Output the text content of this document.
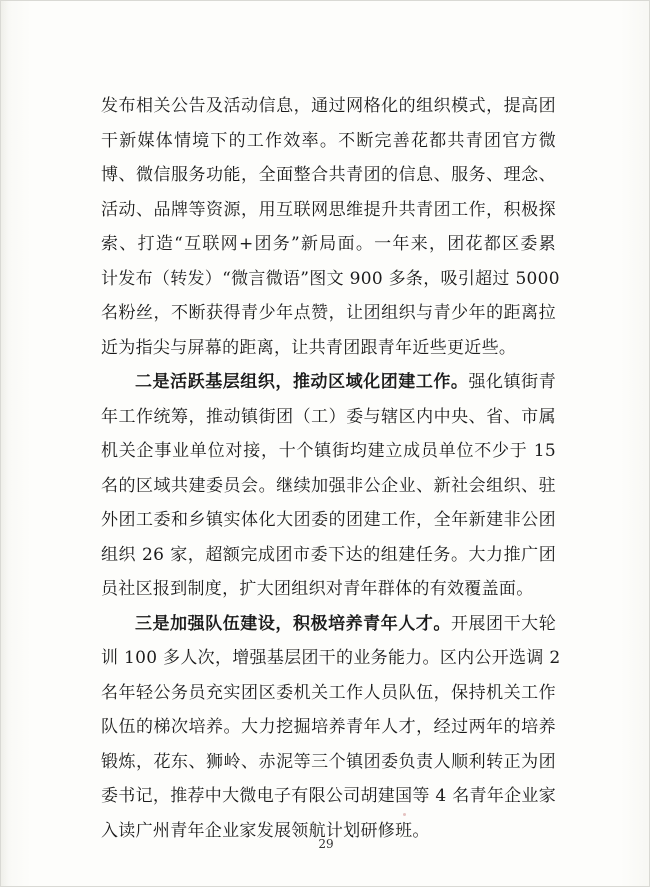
发布相关公告及活动信息，通过网格化的组织模式，提高团
干新媒体情境下的工作效率。不断完善花都共青团官方微
博、微信服务功能，全面整合共青团的信息、服务、理念、
活动、品牌等资源，用互联网思维提升共青团工作，积极探
索、打造“互联网+团务”新局面。一年来，团花都区委累
计发布（转发）“微言微语”图文 900 多条，吸引超过 5000
名粉丝，不断获得青少年点赞，让团组织与青少年的距离拉
近为指尖与屏幕的距离，让共青团跟青年近些更近些。
二是活跃基层组织，推动区域化团建工作。强化镇街青
年工作统筹，推动镇街团（工）委与辖区内中央、省、市属
机关企事业单位对接，十个镇街均建立成员单位不少于 15
名的区域共建委员会。继续加强非公企业、新社会组织、驻
外团工委和乡镇实体化大团委的团建工作，全年新建非公团
组织 26 家，超额完成团市委下达的组建任务。大力推广团
员社区报到制度，扩大团组织对青年群体的有效覆盖面。
三是加强队伍建设，积极培养青年人才。开展团干大轮
训 100 多人次，增强基层团干的业务能力。区内公开选调 2
名年轻公务员充实团区委机关工作人员队伍，保持机关工作
队伍的梯次培养。大力挖掘培养青年人才，经过两年的培养
锻炼，花东、狮岭、赤泥等三个镇团委负责人顺利转正为团
委书记，推荐中大微电子有限公司胡建国等 4 名青年企业家
入读广州青年企业家发展领航计划研修班。
29
